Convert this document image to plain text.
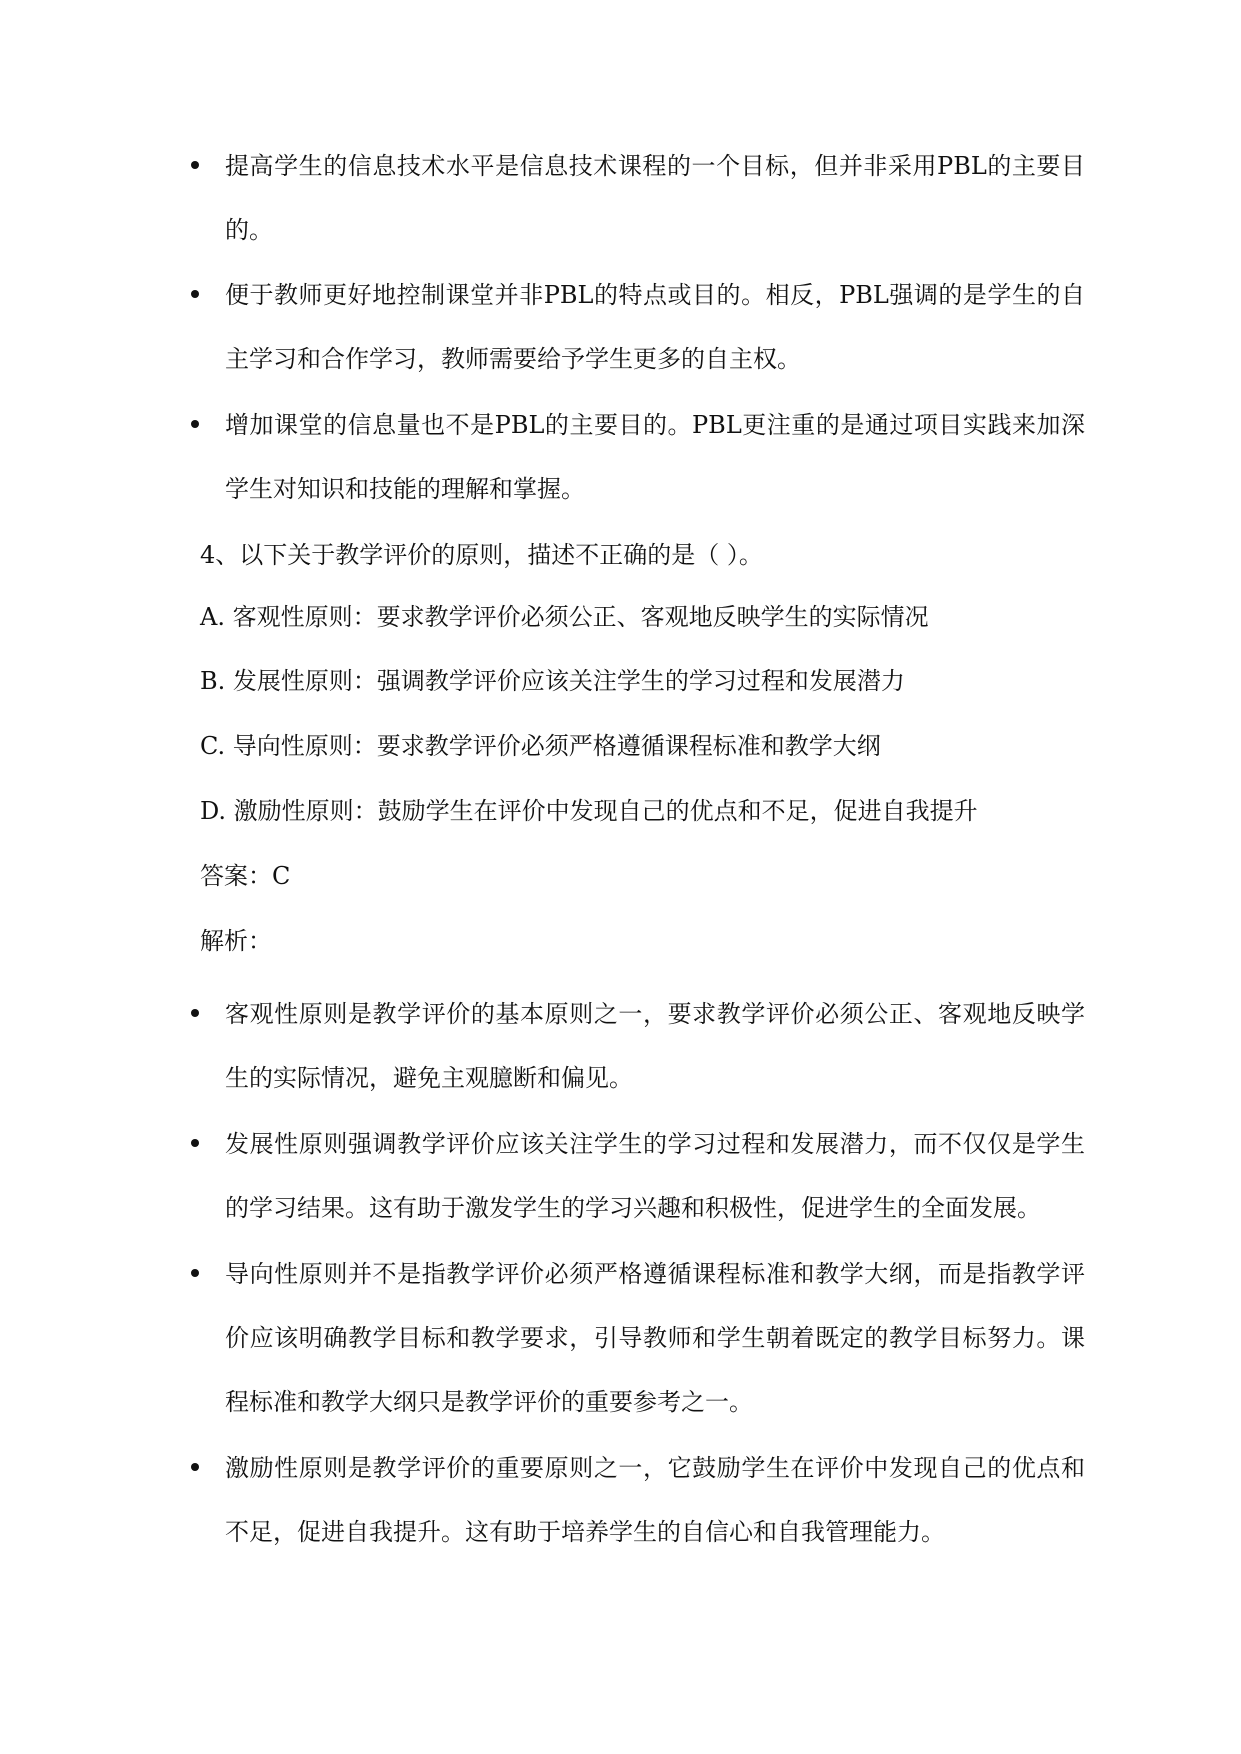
提高学生的信息技术水平是信息技术课程的一个目标，但并非采用PBL的主要目的。
便于教师更好地控制课堂并非PBL的特点或目的。相反，PBL强调的是学生的自主学习和合作学习，教师需要给予学生更多的自主权。
增加课堂的信息量也不是PBL的主要目的。PBL更注重的是通过项目实践来加深学生对知识和技能的理解和掌握。
4、以下关于教学评价的原则，描述不正确的是（ ）。
A. 客观性原则：要求教学评价必须公正、客观地反映学生的实际情况
B. 发展性原则：强调教学评价应该关注学生的学习过程和发展潜力
C. 导向性原则：要求教学评价必须严格遵循课程标准和教学大纲
D. 激励性原则：鼓励学生在评价中发现自己的优点和不足，促进自我提升
答案：C
解析：
客观性原则是教学评价的基本原则之一，要求教学评价必须公正、客观地反映学生的实际情况，避免主观臆断和偏见。
发展性原则强调教学评价应该关注学生的学习过程和发展潜力，而不仅仅是学生的学习结果。这有助于激发学生的学习兴趣和积极性，促进学生的全面发展。
导向性原则并不是指教学评价必须严格遵循课程标准和教学大纲，而是指教学评价应该明确教学目标和教学要求，引导教师和学生朝着既定的教学目标努力。课程标准和教学大纲只是教学评价的重要参考之一。
激励性原则是教学评价的重要原则之一，它鼓励学生在评价中发现自己的优点和不足，促进自我提升。这有助于培养学生的自信心和自我管理能力。
